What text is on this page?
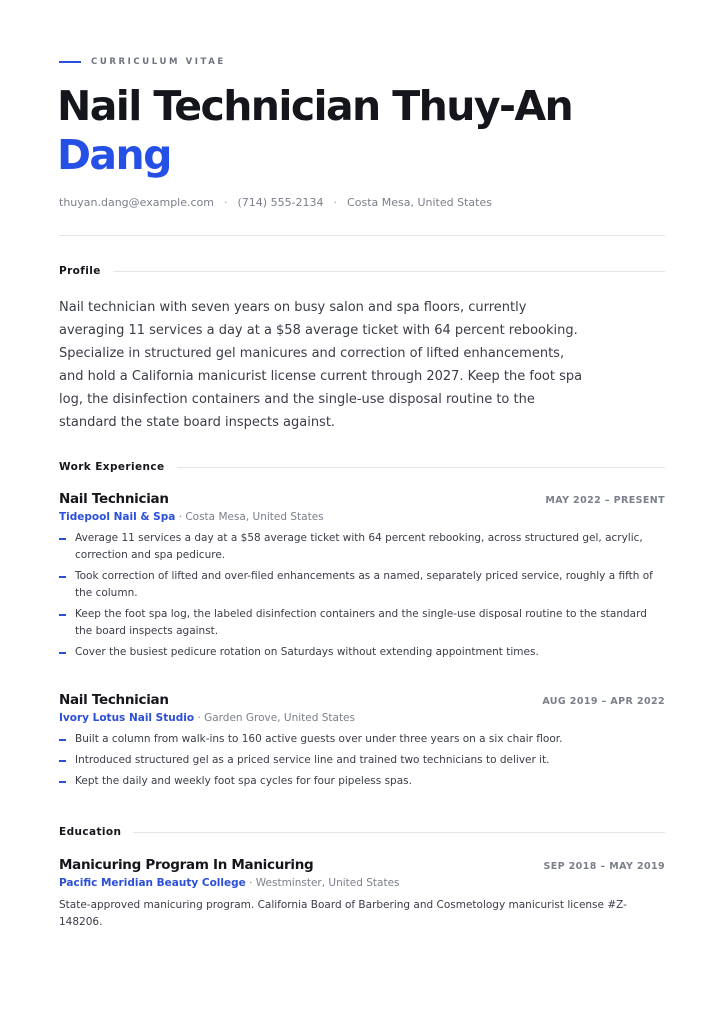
CURRICULUM VITAE
Nail Technician Thuy-An
Dang
thuyan.dang@example.com · (714) 555-2134 · Costa Mesa, United States
Profile
Nail technician with seven years on busy salon and spa floors, currently averaging 11 services a day at a $58 average ticket with 64 percent rebooking. Specialize in structured gel manicures and correction of lifted enhancements, and hold a California manicurist license current through 2027. Keep the foot spa log, the disinfection containers and the single-use disposal routine to the standard the state board inspects against.
Work Experience
Nail Technician	MAY 2022 – PRESENT
Tidepool Nail & Spa · Costa Mesa, United States
Average 11 services a day at a $58 average ticket with 64 percent rebooking, across structured gel, acrylic, correction and spa pedicure.
Took correction of lifted and over-filed enhancements as a named, separately priced service, roughly a fifth of the column.
Keep the foot spa log, the labeled disinfection containers and the single-use disposal routine to the standard the board inspects against.
Cover the busiest pedicure rotation on Saturdays without extending appointment times.
Nail Technician	AUG 2019 – APR 2022
Ivory Lotus Nail Studio · Garden Grove, United States
Built a column from walk-ins to 160 active guests over under three years on a six chair floor.
Introduced structured gel as a priced service line and trained two technicians to deliver it.
Kept the daily and weekly foot spa cycles for four pipeless spas.
Education
Manicuring Program In Manicuring	SEP 2018 – MAY 2019
Pacific Meridian Beauty College · Westminster, United States
State-approved manicuring program. California Board of Barbering and Cosmetology manicurist license #Z-148206.
